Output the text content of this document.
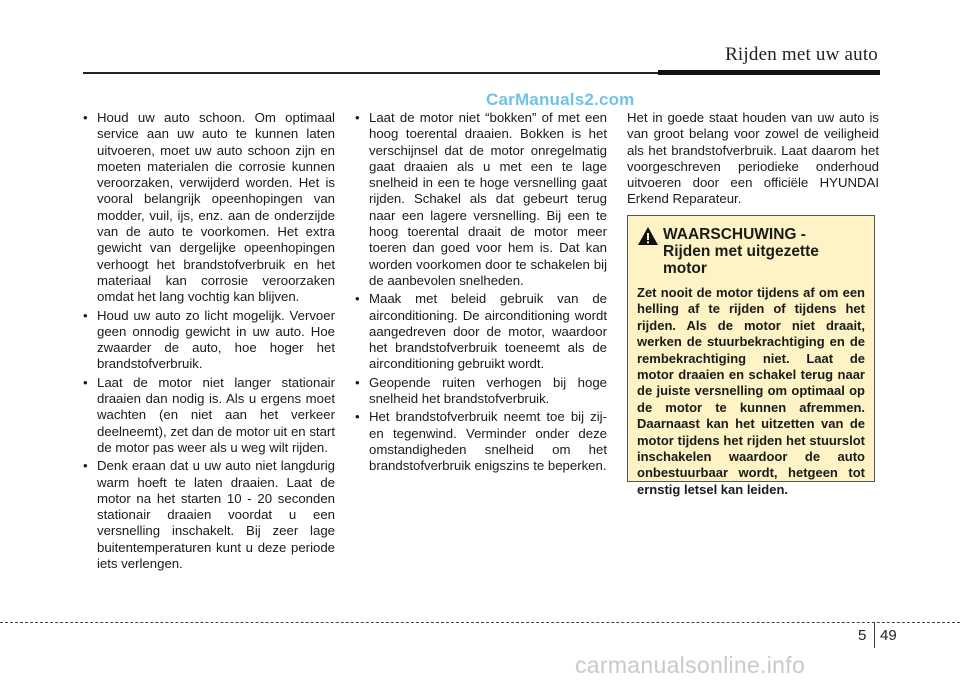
Rijden met uw auto
CarManuals2.com
• Houd uw auto schoon. Om optimaal service aan uw auto te kunnen laten uitvoeren, moet uw auto schoon zijn en moeten materialen die corrosie kunnen veroorzaken, verwijderd worden. Het is vooral belangrijk opeenhopingen van modder, vuil, ijs, enz. aan de onderzijde van de auto te voorkomen. Het extra gewicht van dergelijke opeenhopingen verhoogt het brandstofverbruik en het materiaal kan corrosie veroorzaken omdat het lang vochtig kan blijven.
• Houd uw auto zo licht mogelijk. Vervoer geen onnodig gewicht in uw auto. Hoe zwaarder de auto, hoe hoger het brandstofverbruik.
• Laat de motor niet langer stationair draaien dan nodig is. Als u ergens moet wachten (en niet aan het verkeer deelneemt), zet dan de motor uit en start de motor pas weer als u weg wilt rijden.
• Denk eraan dat u uw auto niet langdurig warm hoeft te laten draaien. Laat de motor na het starten 10 - 20 seconden stationair draaien voordat u een versnelling inschakelt. Bij zeer lage buitentemperaturen kunt u deze periode iets verlengen.
• Laat de motor niet “bokken” of met een hoog toerental draaien. Bokken is het verschijnsel dat de motor onregelmatig gaat draaien als u met een te lage snelheid in een te hoge versnelling gaat rijden. Schakel als dat gebeurt terug naar een lagere versnelling. Bij een te hoog toerental draait de motor meer toeren dan goed voor hem is. Dat kan worden voorkomen door te schakelen bij de aanbevolen snelheden.
• Maak met beleid gebruik van de airconditioning. De airconditioning wordt aangedreven door de motor, waardoor het brandstofverbruik toeneemt als de airconditioning gebruikt wordt.
• Geopende ruiten verhogen bij hoge snelheid het brandstofverbruik.
• Het brandstofverbruik neemt toe bij zij-en tegenwind. Verminder onder deze omstandigheden snelheid om het brandstofverbruik enigszins te beperken.

Het in goede staat houden van uw auto is van groot belang voor zowel de veiligheid als het brandstofverbruik. Laat daarom het voorgeschreven periodieke onderhoud uitvoeren door een officiële HYUNDAI Erkend Reparateur.

WAARSCHUWING -
Rijden met uitgezette motor
Zet nooit de motor tijdens af om een helling af te rijden of tijdens het rijden. Als de motor niet draait, werken de stuurbekrachtiging en de rembekrachtiging niet. Laat de motor draaien en schakel terug naar de juiste versnelling om optimaal op de motor te kunnen afremmen. Daarnaast kan het uitzetten van de motor tijdens het rijden het stuurslot inschakelen waardoor de auto onbestuurbaar wordt, hetgeen tot ernstig letsel kan leiden.
5 49
carmanualsonline.info
